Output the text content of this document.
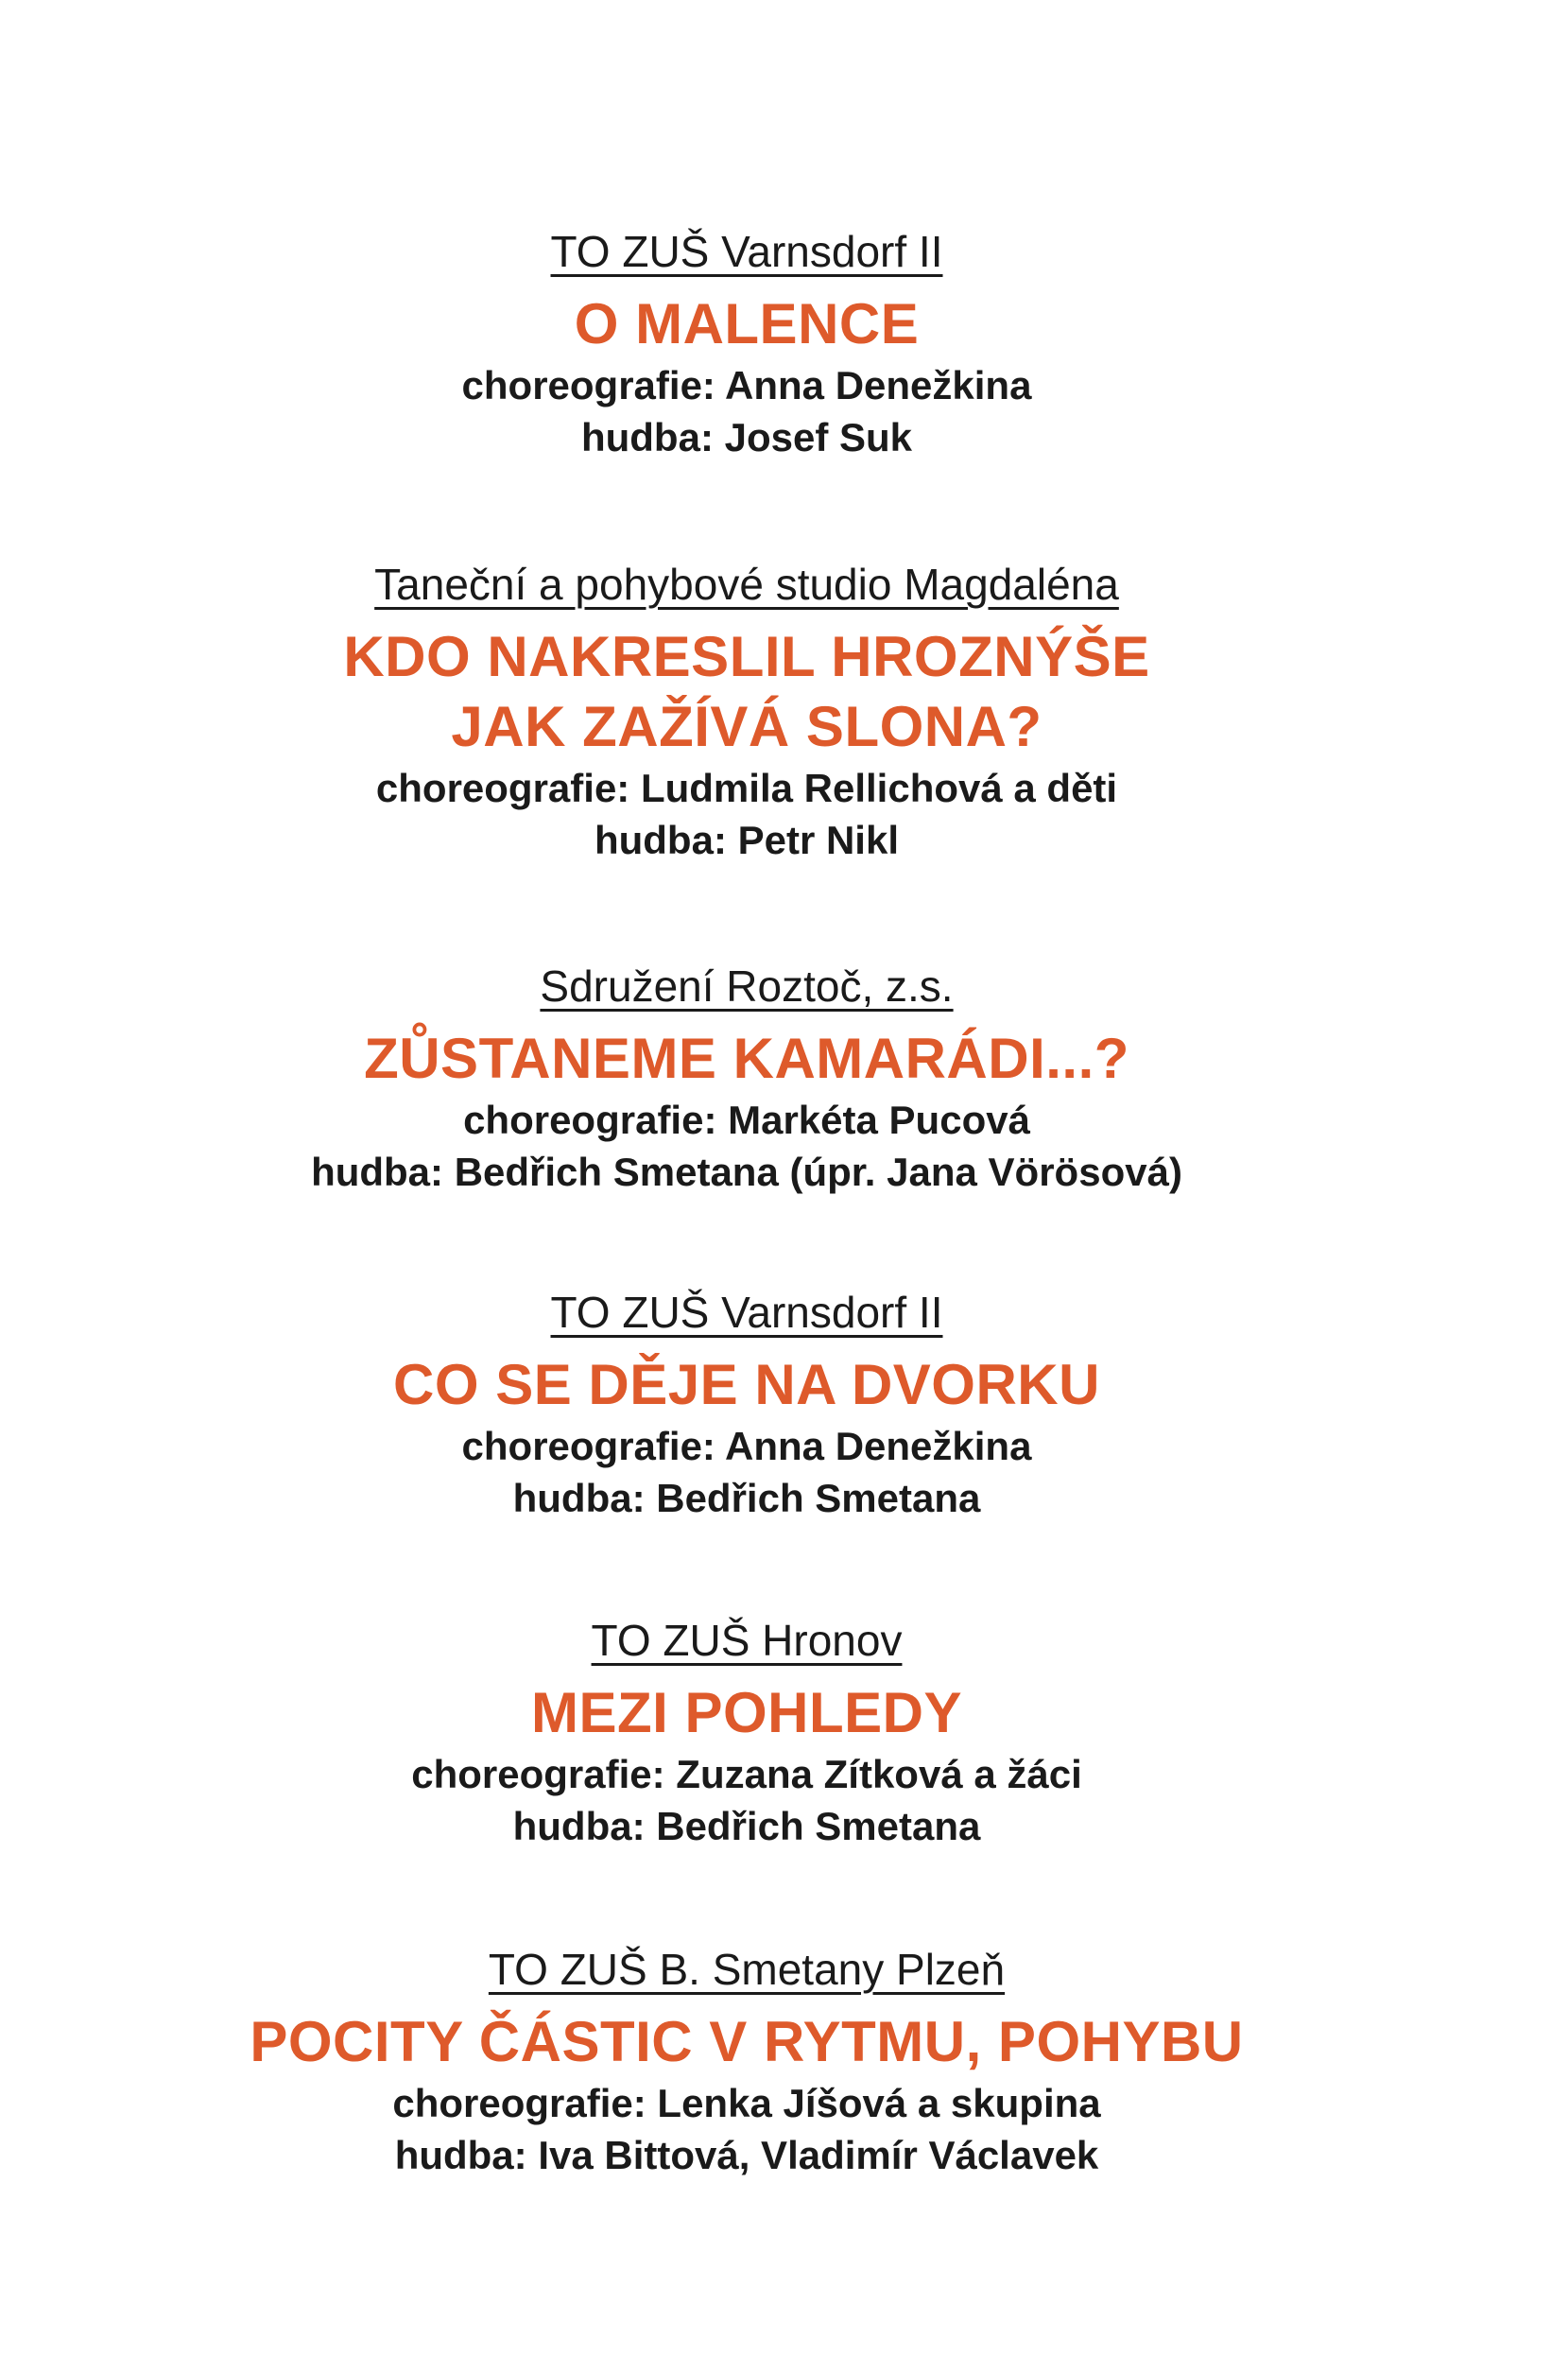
TO ZUŠ Varnsdorf II

O MALENCE

choreografie: Anna Denežkina

hudba: Josef Suk

Taneční a pohybové studio Magdaléna

KDO NAKRESLIL HROZNÝŠE

JAK ZAŽÍVÁ SLONA?

choreografie: Ludmila Rellichová a děti

hudba: Petr Nikl

Sdružení Roztoč, z.s.

ZŮSTANEME KAMARÁDI...?

choreografie: Markéta Pucová

hudba: Bedřich Smetana (úpr. Jana Vörösová)

TO ZUŠ Varnsdorf II

CO SE DĚJE NA DVORKU

choreografie: Anna Denežkina

hudba: Bedřich Smetana

TO ZUŠ Hronov

MEZI POHLEDY

choreografie: Zuzana Zítková a žáci

hudba: Bedřich Smetana

TO ZUŠ B. Smetany Plzeň

POCITY ČÁSTIC V RYTMU, POHYBU

choreografie: Lenka Jíšová a skupina

hudba: Iva Bittová, Vladimír Václavek
